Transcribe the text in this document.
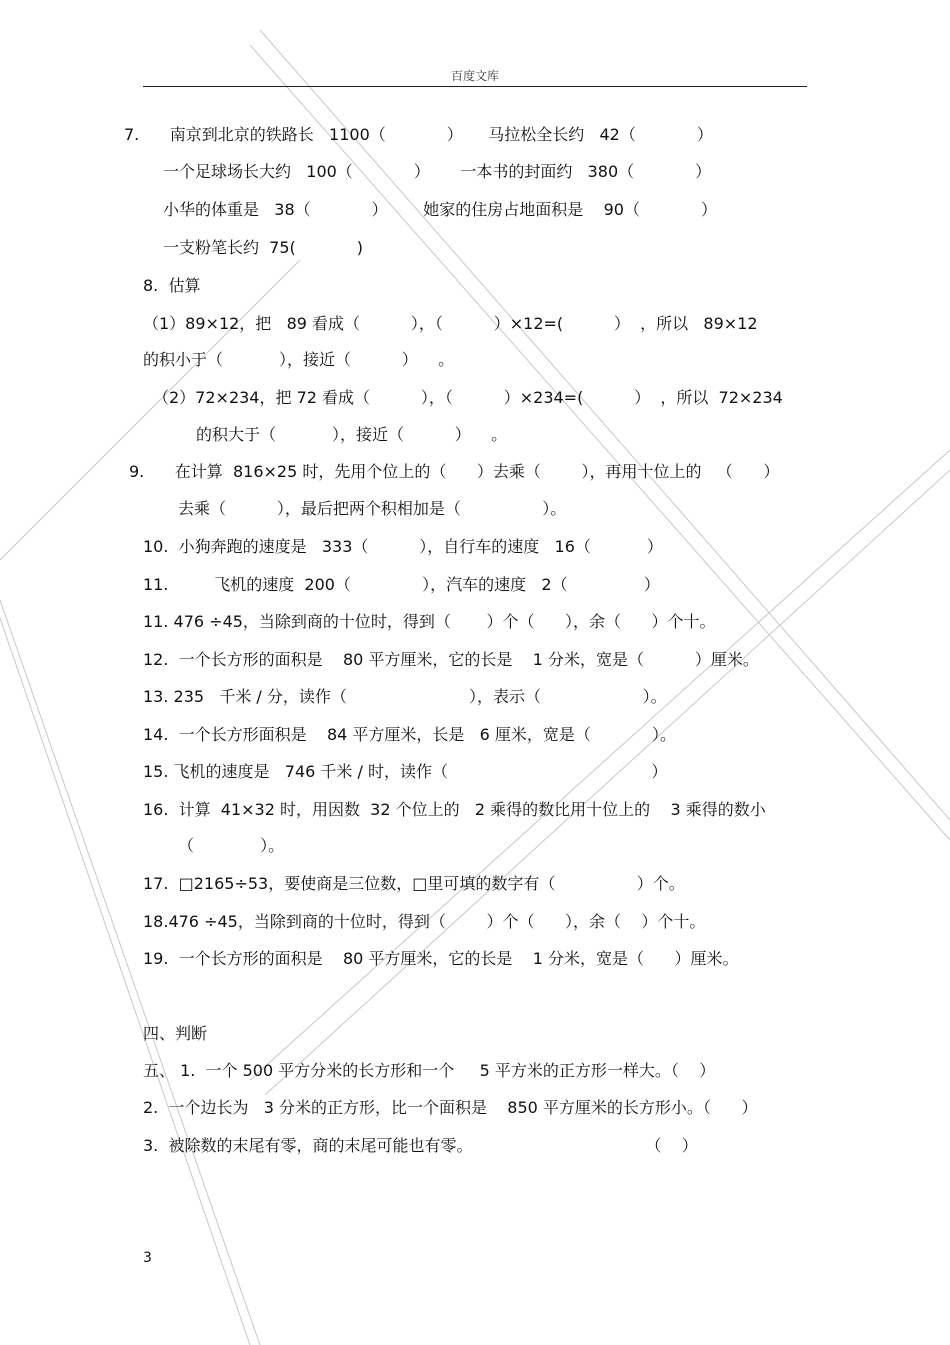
百度文库
7.      南京到北京的铁路长   1100（            ）     马拉松全长约   42（            ）
一个足球场长大约   100（            ）      一本书的封面约   380（            ）
小华的体重是   38（            ）       她家的住房占地面积是    90（            ）
一支粉笔长约  75(            )
8.  估算
（1）89×12，把   89 看成（          ），（          ）×12=(          ）  ，所以   89×12
的积小于（           ），接近（          ）    。
（2）72×234，把 72 看成（          ），（          ）×234=(          ）  ，所以  72×234
的积大于（           ），接近（          ）    。
9.      在计算  816×25 时，先用个位上的（      ）去乘（        ），再用十位上的   （      ）
去乘（          ），最后把两个积相加是（                ）。
10.  小狗奔跑的速度是   333（          ），自行车的速度   16（           ）
11.         飞机的速度  200（              ），汽车的速度   2（               ）
11. 476 ÷45，当除到商的十位时，得到（       ）个（      ），余（      ）个十。
12.  一个长方形的面积是    80 平方厘米，它的长是    1 分米，宽是（          ）厘米。
13. 235   千米 / 分，读作（                        ），表示（                    ）。
14.  一个长方形面积是    84 平方厘米，长是   6 厘米，宽是（            ）。
15. 飞机的速度是   746 千米 / 时，读作（                                        ）
16.  计算  41×32 时，用因数  32 个位上的   2 乘得的数比用十位上的    3 乘得的数小
（             ）。
17.  □2165÷53，要使商是三位数，□里可填的数字有（                ）个。
18.476 ÷45，当除到商的十位时，得到（        ）个（      ），余（    ）个十。
19.  一个长方形的面积是    80 平方厘米，它的长是    1 分米，宽是（      ）厘米。
四、判断
五、 1.  一个 500 平方分米的长方形和一个     5 平方米的正方形一样大。（    ）
2.  一个边长为   3 分米的正方形，比一个面积是    850 平方厘米的长方形小。（      ）
3.  被除数的末尾有零，商的末尾可能也有零。                                  （    ）
3
